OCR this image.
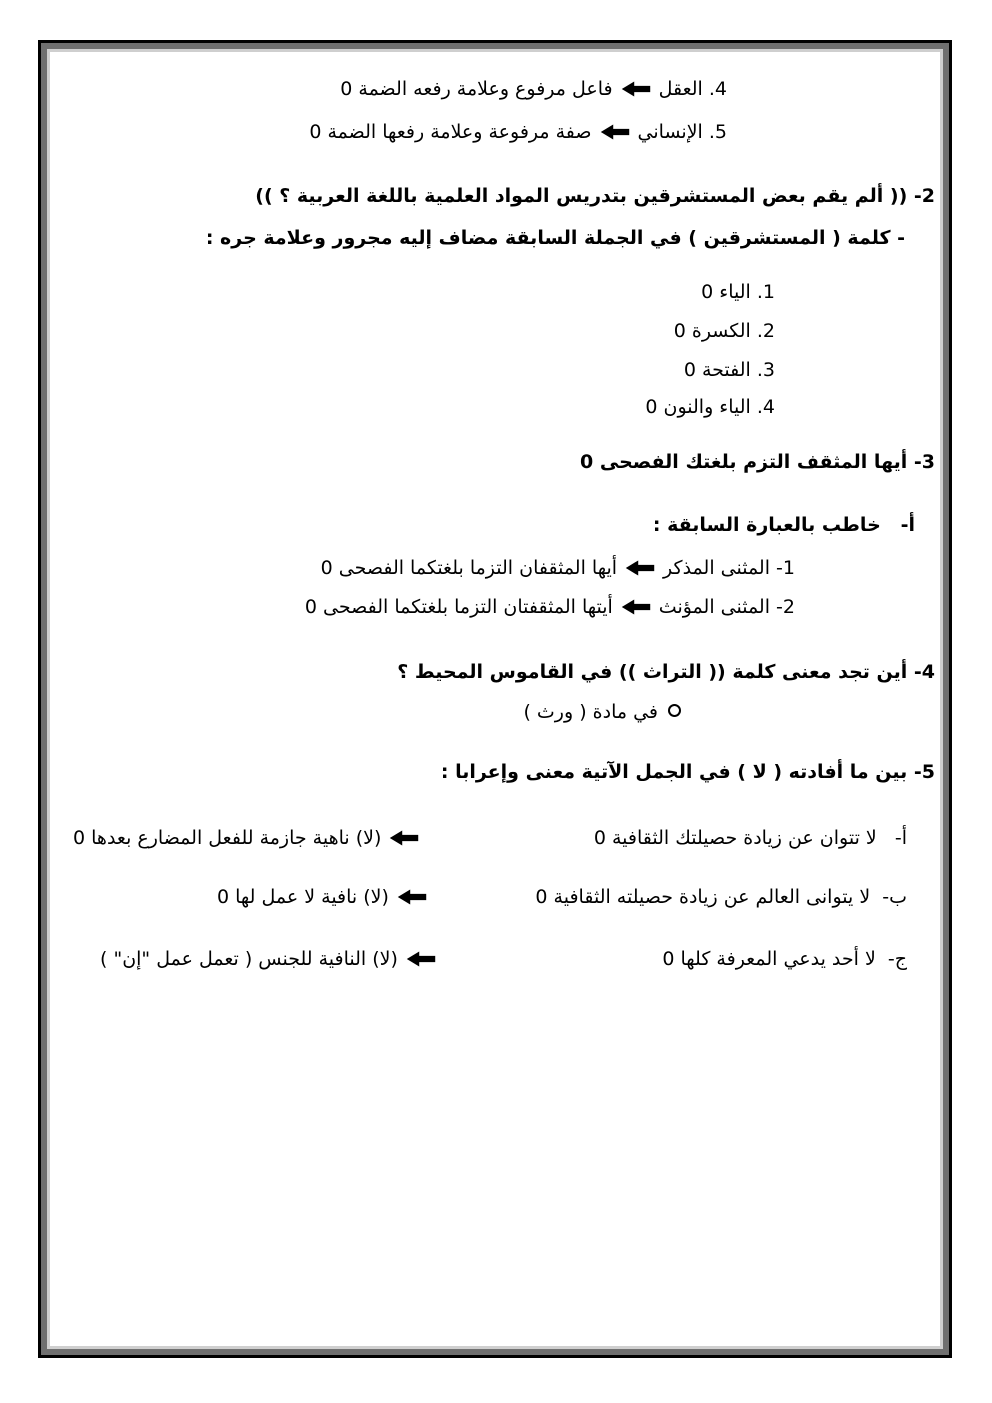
4. العقلفاعل مرفوع وعلامة رفعه الضمة 0
5. الإنسانيصفة مرفوعة وعلامة رفعها الضمة 0
2- (( ألم يقم بعض المستشرقين بتدريس المواد العلمية باللغة العربية ؟ ))
- كلمة ( المستشرقين ) في الجملة السابقة مضاف إليه مجرور وعلامة جره :
1. الياء 0
2. الكسرة 0
3. الفتحة 0
4. الياء والنون 0
3- أيها المثقف التزم بلغتك الفصحى 0
أ-   خاطب بالعبارة السابقة :
1- المثنى المذكرأيها المثقفان التزما بلغتكما الفصحى 0
2- المثنى المؤنثأيتها المثقفتان التزما بلغتكما الفصحى 0
4- أين تجد معنى كلمة (( التراث )) في القاموس المحيط ؟
في مادة ( ورث )
5- بين ما أفادته ( لا ) في الجمل الآتية معنى وإعرابا :
أ-   لا تتوان عن زيادة حصيلتك الثقافية 0
(لا) ناهية جازمة للفعل المضارع بعدها 0
ب-  لا يتوانى العالم عن زيادة حصيلته الثقافية 0
(لا) نافية لا عمل لها 0
ج-  لا أحد يدعي المعرفة كلها 0
(لا) النافية للجنس ( تعمل عمل "إن" )
